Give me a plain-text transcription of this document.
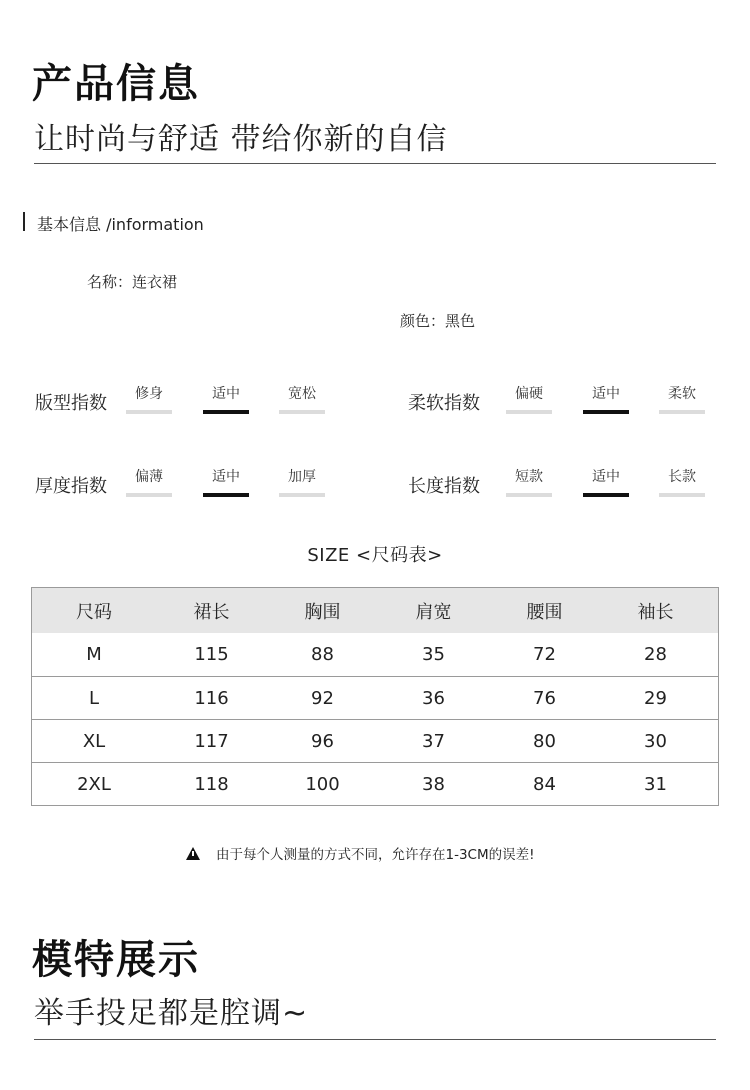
产品信息
让时尚与舒适 带给你新的自信
基本信息 /information
名称：连衣裙
颜色：黑色
版型指数	修身	适中	宽松	柔软指数	偏硬	适中	柔软
厚度指数	偏薄	适中	加厚	长度指数	短款	适中	长款
SIZE <尺码表>
尺码	裙长	胸围	肩宽	腰围	袖长
M	115	88	35	72	28
L	116	92	36	76	29
XL	117	96	37	80	30
2XL	118	100	38	84	31
由于每个人测量的方式不同，允许存在1-3CM的误差!
模特展示
举手投足都是腔调~
